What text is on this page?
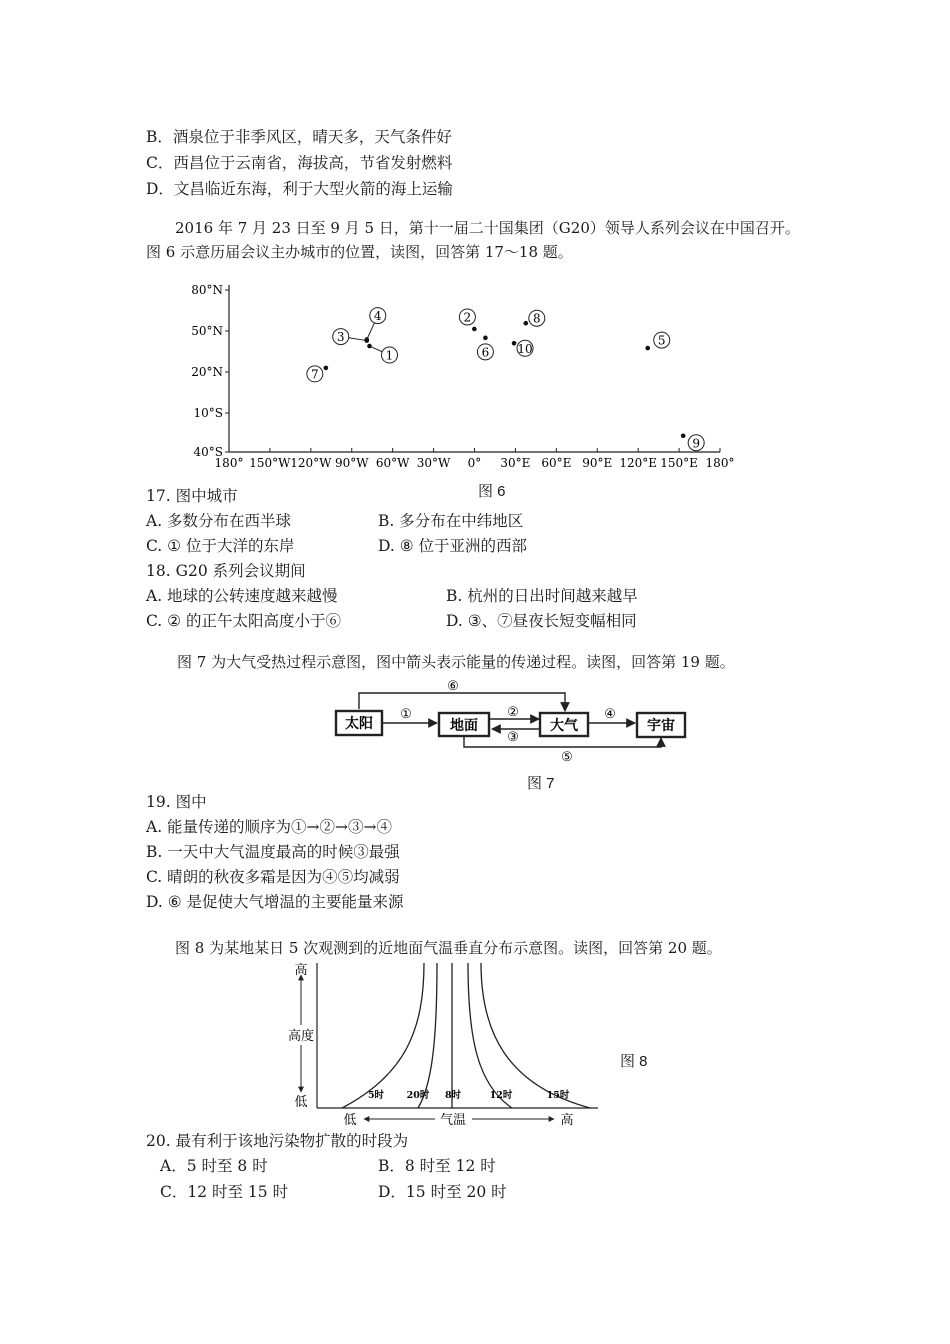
B．酒泉位于非季风区，晴天多，天气条件好
C．西昌位于云南省，海拔高，节省发射燃料
D．文昌临近东海，利于大型火箭的海上运输
2016 年 7 月 23 日至 9 月 5 日，第十一届二十国集团（G20）领导人系列会议在中国召开。
图 6 示意历届会议主办城市的位置，读图，回答第 17～18 题。
80°N
50°N
20°N
10°S
40°S
180° 150°W 120°W 90°W 60°W 30°W 0° 30°E 60°E 90°E 120°E 150°E 180°
1
2
3
4
5
6
7
8
9
10
图 6
17. 图中城市
A. 多数分布在西半球	B. 多分布在中纬地区
C. ① 位于大洋的东岸	D. ⑧ 位于亚洲的西部
18. G20 系列会议期间
A. 地球的公转速度越来越慢	B. 杭州的日出时间越来越早
C. ② 的正午太阳高度小于⑥	D. ③、⑦昼夜长短变幅相同
图 7 为大气受热过程示意图，图中箭头表示能量的传递过程。读图，回答第 19 题。
太阳	地面	大气	宇宙
①	②
③
④
⑤
⑥
图 7
19. 图中
A. 能量传递的顺序为①→②→③→④
B. 一天中大气温度最高的时候③最强
C. 晴朗的秋夜多霜是因为④⑤均减弱
D. ⑥ 是促使大气增温的主要能量来源
图 8 为某地某日 5 次观测到的近地面气温垂直分布示意图。读图，回答第 20 题。
高
高度
低
低	气温	高
5时 20时 8时	12时	15时
图 8
20. 最有利于该地污染物扩散的时段为
A．5 时至 8 时	B．8 时至 12 时
C．12 时至 15 时	D．15 时至 20 时
